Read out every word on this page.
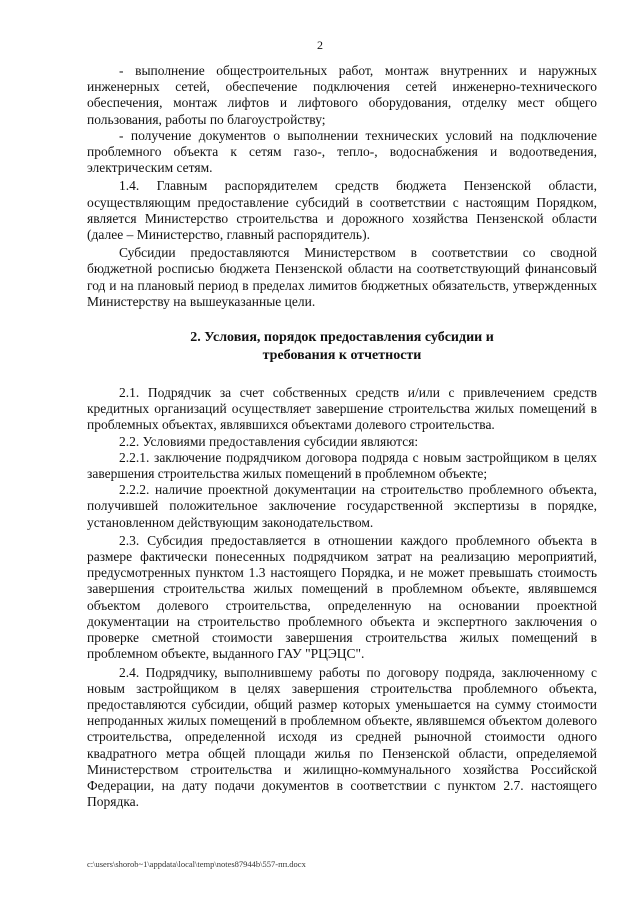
2

- выполнение общестроительных работ, монтаж внутренних и наружных инженерных сетей, обеспечение подключения сетей инженерно-технического обеспечения, монтаж лифтов и лифтового оборудования, отделку мест общего пользования, работы по благоустройству;

- получение документов о выполнении технических условий на подключение проблемного объекта к сетям газо-, тепло-, водоснабжения и водоотведения, электрическим сетям.

1.4. Главным распорядителем средств бюджета Пензенской области, осуществляющим предоставление субсидий в соответствии с настоящим Порядком, является Министерство строительства и дорожного хозяйства Пензенской области (далее – Министерство, главный распорядитель).

Субсидии предоставляются Министерством в соответствии со сводной бюджетной росписью бюджета Пензенской области на соответствующий финансовый год и на плановый период в пределах лимитов бюджетных обязательств, утвержденных Министерству на вышеуказанные цели.

2. Условия, порядок предоставления субсидии и
требования к отчетности

2.1. Подрядчик за счет собственных средств и/или с привлечением средств кредитных организаций осуществляет завершение строительства жилых помещений в проблемных объектах, являвшихся объектами долевого строительства.

2.2. Условиями предоставления субсидии являются:

2.2.1. заключение подрядчиком договора подряда с новым застройщиком в целях завершения строительства жилых помещений в проблемном объекте;

2.2.2. наличие проектной документации на строительство проблемного объекта, получившей положительное заключение государственной экспертизы в порядке, установленном действующим законодательством.

2.3. Субсидия предоставляется в отношении каждого проблемного объекта в размере фактически понесенных подрядчиком затрат на реализацию мероприятий, предусмотренных пунктом 1.3 настоящего Порядка, и не может превышать стоимость завершения строительства жилых помещений в проблемном объекте, являвшемся объектом долевого строительства, определенную на основании проектной документации на строительство проблемного объекта и экспертного заключения о проверке сметной стоимости завершения строительства жилых помещений в проблемном объекте, выданного ГАУ "РЦЭЦС".

2.4. Подрядчику, выполнившему работы по договору подряда, заключенному с новым застройщиком в целях завершения строительства проблемного объекта, предоставляются субсидии, общий размер которых уменьшается на сумму стоимости непроданных жилых помещений в проблемном объекте, являвшемся объектом долевого строительства, определенной исходя из средней рыночной стоимости одного квадратного метра общей площади жилья по Пензенской области, определяемой Министерством строительства и жилищно-коммунального хозяйства Российской Федерации, на дату подачи документов в соответствии с пунктом 2.7. настоящего Порядка.

c:\users\shorob~1\appdata\local\temp\notes87944b\557-пп.docx
